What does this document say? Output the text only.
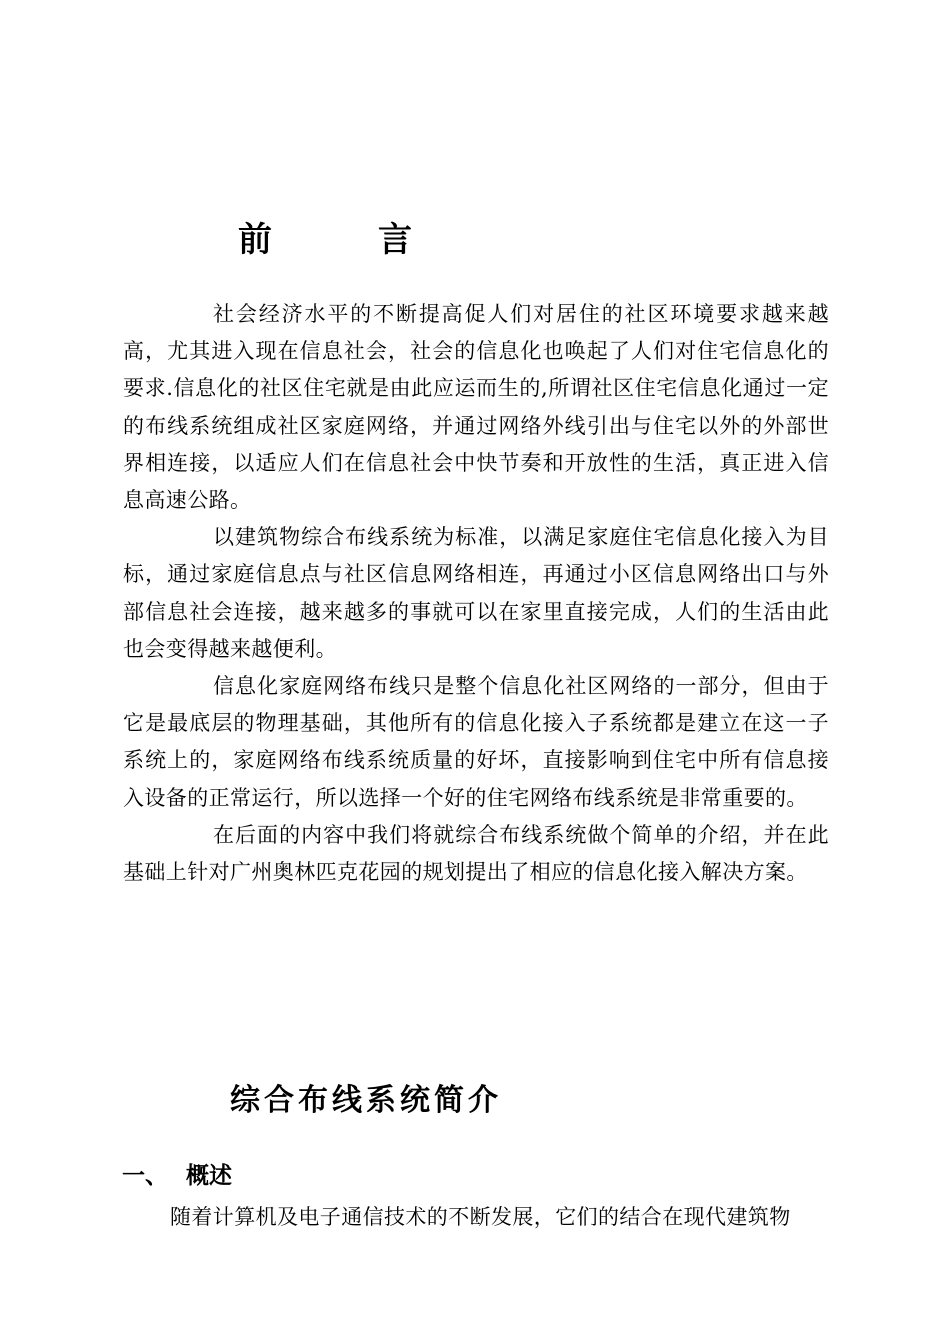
前	言

社会经济水平的不断提高促人们对居住的社区环境要求越来越高，尤其进入现在信息社会，社会的信息化也唤起了人们对住宅信息化的要求.信息化的社区住宅就是由此应运而生的,所谓社区住宅信息化通过一定的布线系统组成社区家庭网络，并通过网络外线引出与住宅以外的外部世界相连接，以适应人们在信息社会中快节奏和开放性的生活，真正进入信息高速公路。

以建筑物综合布线系统为标准，以满足家庭住宅信息化接入为目标，通过家庭信息点与社区信息网络相连，再通过小区信息网络出口与外部信息社会连接，越来越多的事就可以在家里直接完成，人们的生活由此也会变得越来越便利。

信息化家庭网络布线只是整个信息化社区网络的一部分，但由于它是最底层的物理基础，其他所有的信息化接入子系统都是建立在这一子系统上的，家庭网络布线系统质量的好坏，直接影响到住宅中所有信息接入设备的正常运行，所以选择一个好的住宅网络布线系统是非常重要的。

在后面的内容中我们将就综合布线系统做个简单的介绍，并在此基础上针对广州奥林匹克花园的规划提出了相应的信息化接入解决方案。

综合布线系统简介
一、 概述
随着计算机及电子通信技术的不断发展，它们的结合在现代建筑物
